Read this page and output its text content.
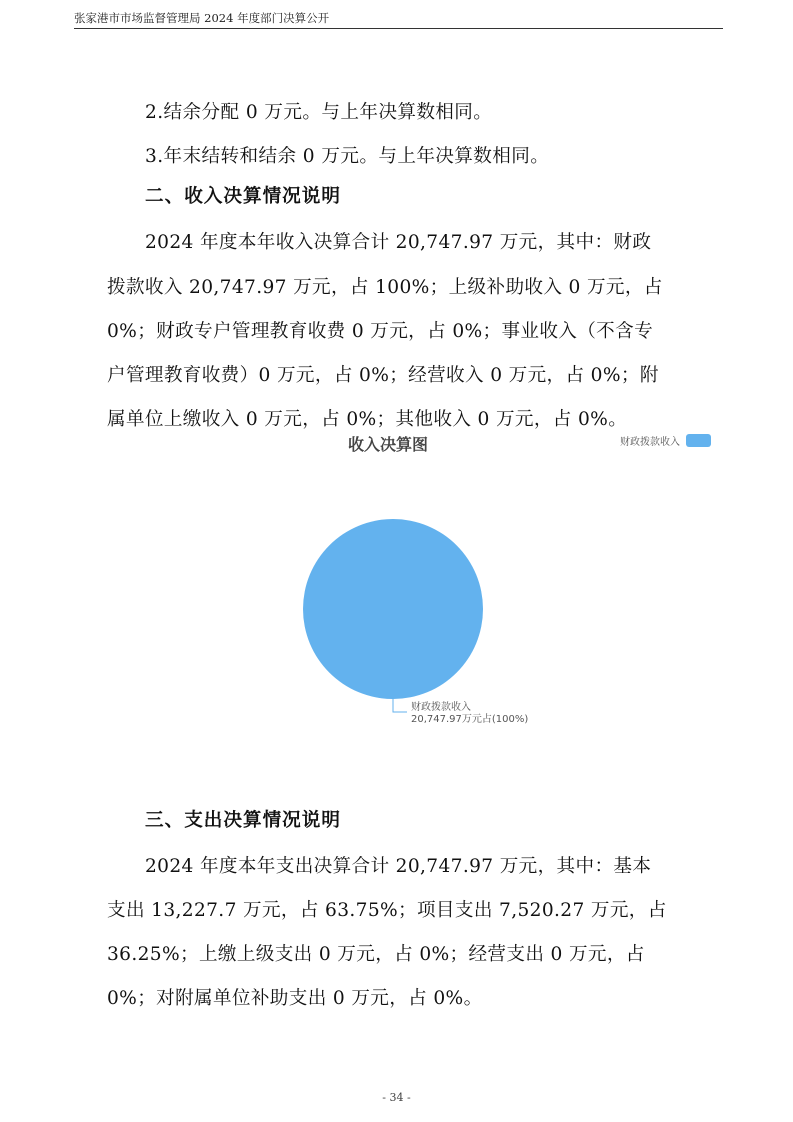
张家港市市场监督管理局 2024 年度部门决算公开

2.结余分配 0 万元。与上年决算数相同。

3.年末结转和结余 0 万元。与上年决算数相同。

二、收入决算情况说明

2024 年度本年收入决算合计 20,747.97 万元，其中：财政

拨款收入 20,747.97 万元，占 100%；上级补助收入 0 万元，占

0%；财政专户管理教育收费 0 万元，占 0%；事业收入（不含专

户管理教育收费）0 万元，占 0%；经营收入 0 万元，占 0%；附

属单位上缴收入 0 万元，占 0%；其他收入 0 万元，占 0%。

收入决算图	财政拨款收入
财政拨款收入
20,747.97万元占(100%)
三、支出决算情况说明

2024 年度本年支出决算合计 20,747.97 万元，其中：基本

支出 13,227.7 万元，占 63.75%；项目支出 7,520.27 万元，占

36.25%；上缴上级支出 0 万元，占 0%；经营支出 0 万元，占

0%；对附属单位补助支出 0 万元，占 0%。

- 34 -
